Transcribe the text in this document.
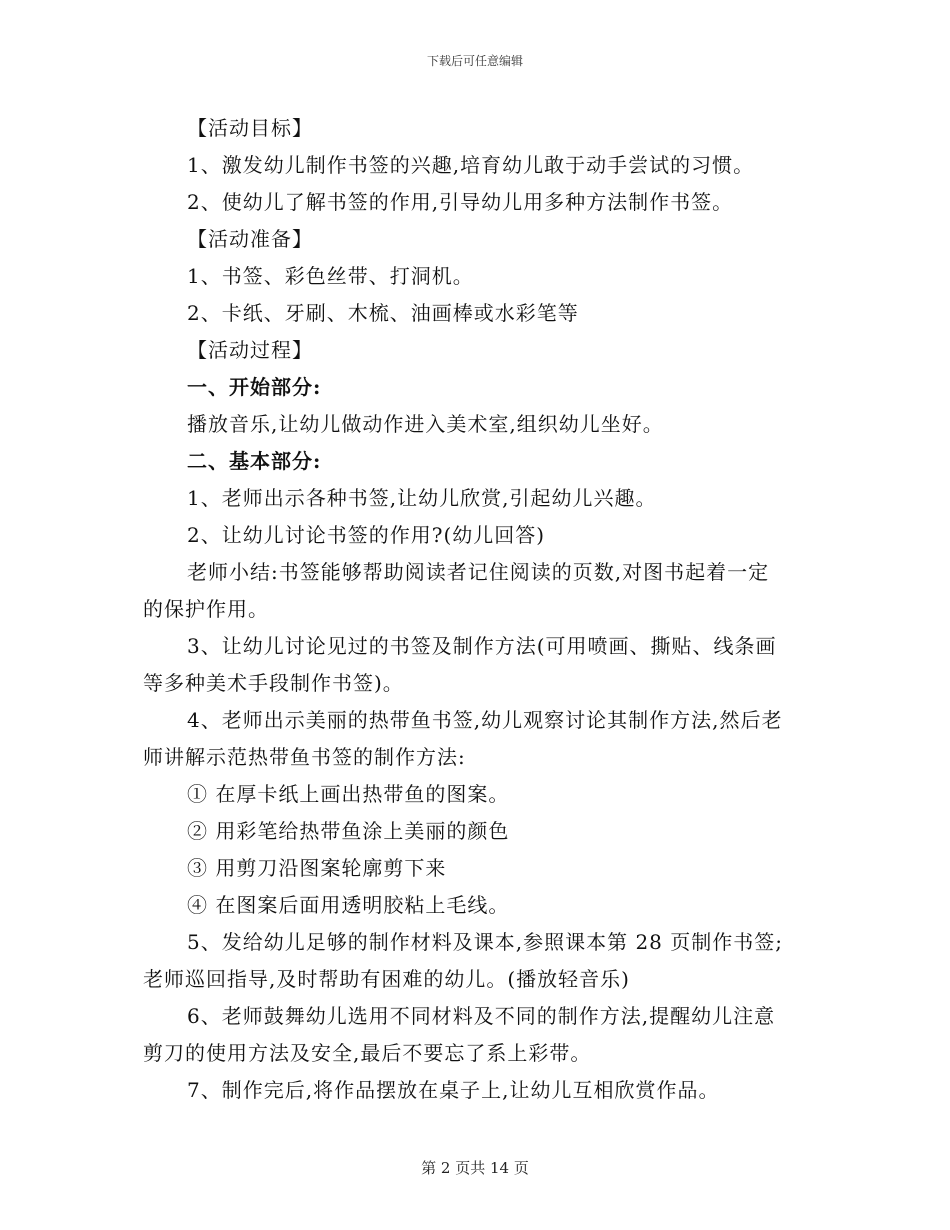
下载后可任意编辑
【活动目标】
1、激发幼儿制作书签的兴趣,培育幼儿敢于动手尝试的习惯。
2、使幼儿了解书签的作用,引导幼儿用多种方法制作书签。
【活动准备】
1、书签、彩色丝带、打洞机。
2、卡纸、牙刷、木梳、油画棒或水彩笔等
【活动过程】
一、开始部分:
播放音乐,让幼儿做动作进入美术室,组织幼儿坐好。
二、基本部分:
1、老师出示各种书签,让幼儿欣赏,引起幼儿兴趣。
2、让幼儿讨论书签的作用?(幼儿回答)
老师小结:书签能够帮助阅读者记住阅读的页数,对图书起着一定
的保护作用。
3、让幼儿讨论见过的书签及制作方法(可用喷画、撕贴、线条画
等多种美术手段制作书签)。
4、老师出示美丽的热带鱼书签,幼儿观察讨论其制作方法,然后老
师讲解示范热带鱼书签的制作方法:
① 在厚卡纸上画出热带鱼的图案。
② 用彩笔给热带鱼涂上美丽的颜色
③ 用剪刀沿图案轮廓剪下来
④ 在图案后面用透明胶粘上毛线。
5、发给幼儿足够的制作材料及课本,参照课本第 28 页制作书签;
老师巡回指导,及时帮助有困难的幼儿。(播放轻音乐)
6、老师鼓舞幼儿选用不同材料及不同的制作方法,提醒幼儿注意
剪刀的使用方法及安全,最后不要忘了系上彩带。
7、制作完后,将作品摆放在桌子上,让幼儿互相欣赏作品。
第 2 页共 14 页
